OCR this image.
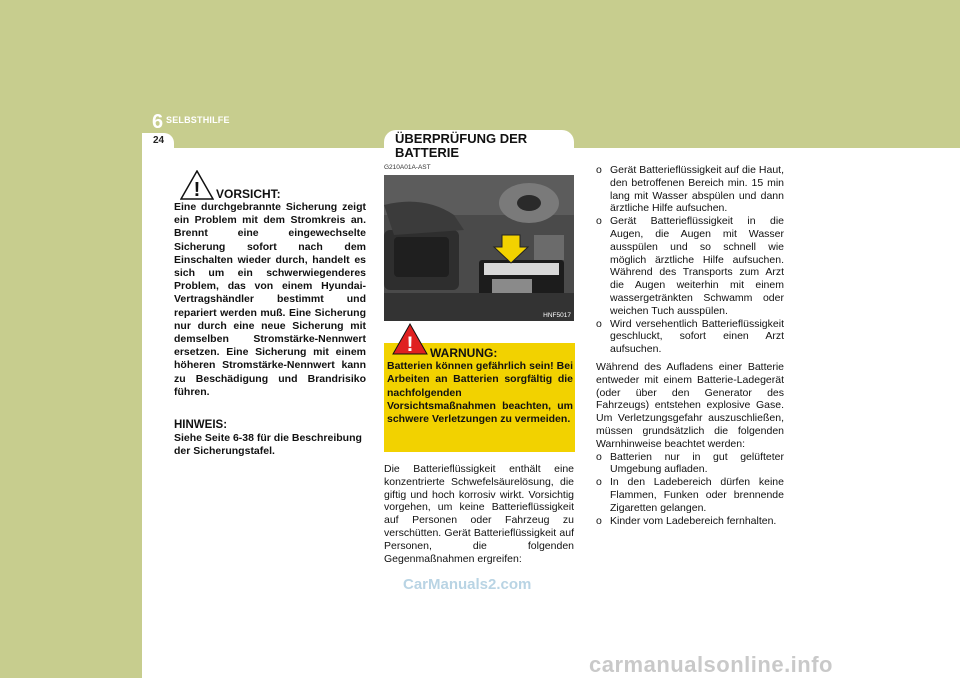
6 SELBSTHILFE
24	ÜBERPRÜFUNG DER BATTERIE
G210A01A-AST
! VORSICHT:
Eine durchgebrannte Sicherung zeigt ein Problem mit dem Stromkreis an. Brennt eine eingewechselte Sicherung sofort nach dem Einschalten wieder durch, handelt es sich um ein schwerwiegenderes Problem, das von einem Hyundai-Vertragshändler bestimmt und repariert werden muß. Eine Sicherung nur durch eine neue Sicherung mit demselben Stromstärke-Nennwert ersetzen. Eine Sicherung mit einem höheren Stromstärke-Nennwert kann zu Beschädigung und Brandrisiko führen.
HINWEIS:
Siehe Seite 6-38 für die Beschreibung der Sicherungstafel.
HNF5017
! WARNUNG:
Batterien können gefährlich sein! Bei Arbeiten an Batterien sorgfältig die nachfolgenden Vorsichtsmaßnahmen beachten, um schwere Verletzungen zu vermeiden.
Die Batterieflüssigkeit enthält eine konzentrierte Schwefelsäurelösung, die giftig und hoch korrosiv wirkt. Vorsichtig vorgehen, um keine Batterieflüssigkeit auf Personen oder Fahrzeug zu verschütten. Gerät Batterieflüssigkeit auf Personen, die folgenden Gegenmaßnahmen ergreifen:
o Gerät Batterieflüssigkeit auf die Haut, den betroffenen Bereich min. 15 min lang mit Wasser abspülen und dann ärztliche Hilfe aufsuchen.
o Gerät Batterieflüssigkeit in die Augen, die Augen mit Wasser ausspülen und so schnell wie möglich ärztliche Hilfe aufsuchen. Während des Transports zum Arzt die Augen weiterhin mit einem wassergetränkten Schwamm oder weichen Tuch ausspülen.
o Wird versehentlich Batterieflüssigkeit geschluckt, sofort einen Arzt aufsuchen.
Während des Aufladens einer Batterie entweder mit einem Batterie-Ladegerät (oder über den Generator des Fahrzeugs) entstehen explosive Gase. Um Verletzungsgefahr auszuschließen, müssen grundsätzlich die folgenden Warnhinweise beachtet werden:
o Batterien nur in gut gelüfteter Umgebung aufladen.
o In den Ladebereich dürfen keine Flammen, Funken oder brennende Zigaretten gelangen.
o Kinder vom Ladebereich fernhalten.
CarManuals2.com
carmanualsonline.info
